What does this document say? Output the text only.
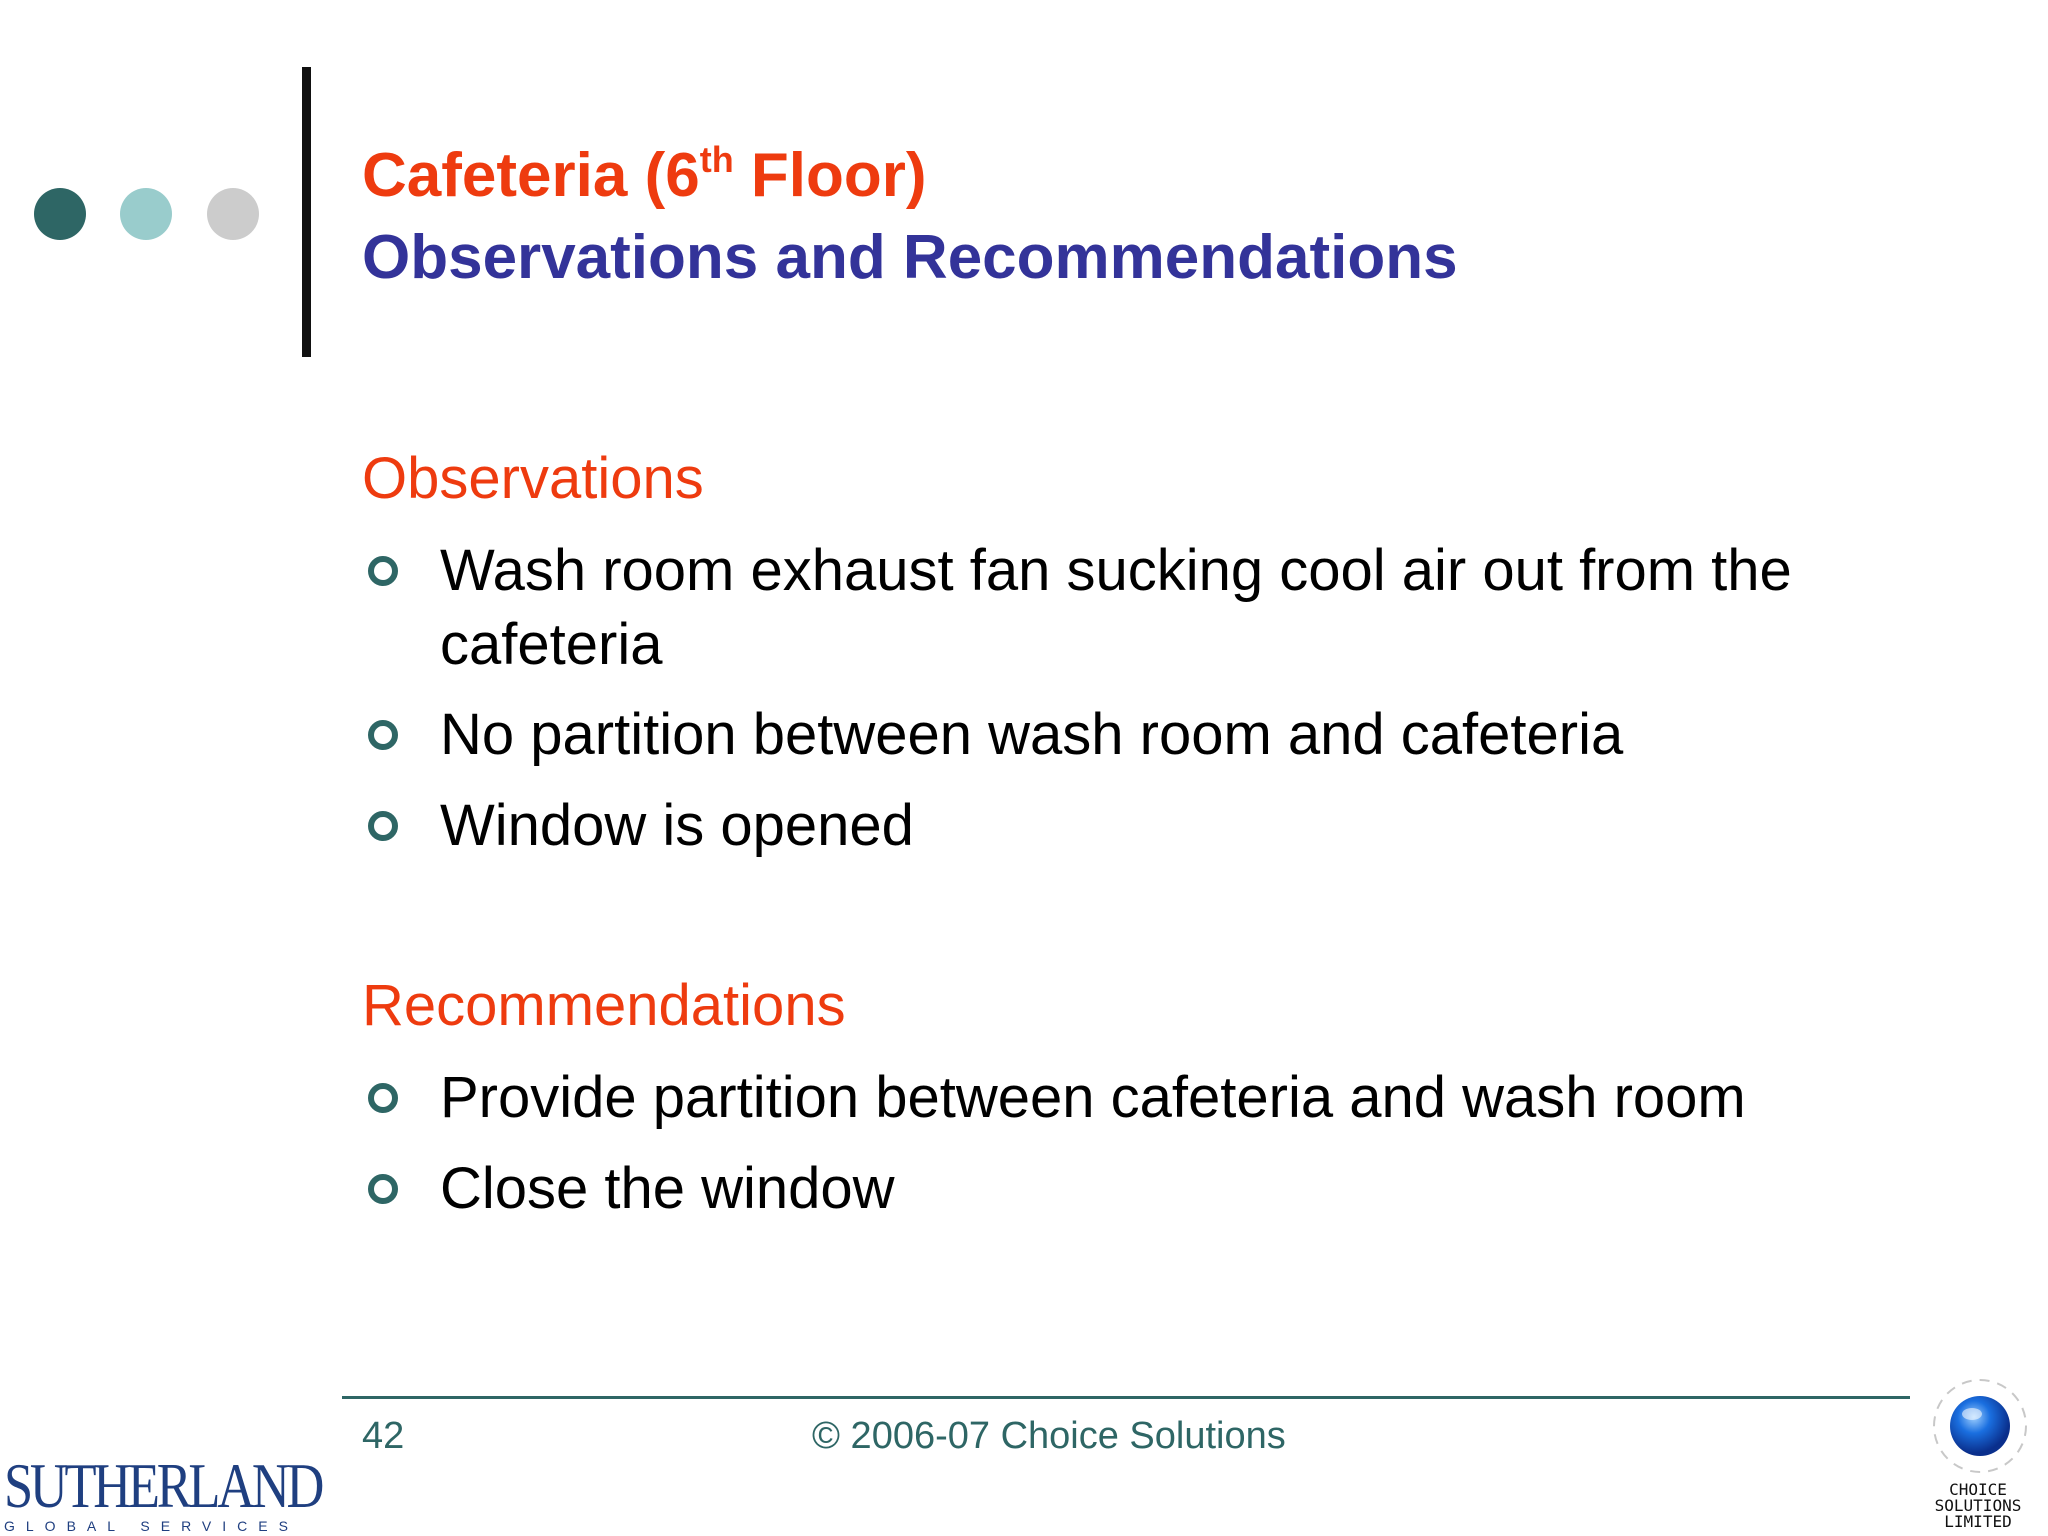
Cafeteria (6th Floor)
Observations and Recommendations
Observations
Wash room exhaust fan sucking cool air out from the cafeteria
No partition between wash room and cafeteria
Window is opened
Recommendations
Provide partition between cafeteria and wash room
Close the window
42	© 2006-07 Choice Solutions
SUTHERLAND
GLOBAL SERVICES
CHOICE
SOLUTIONS
LIMITED
